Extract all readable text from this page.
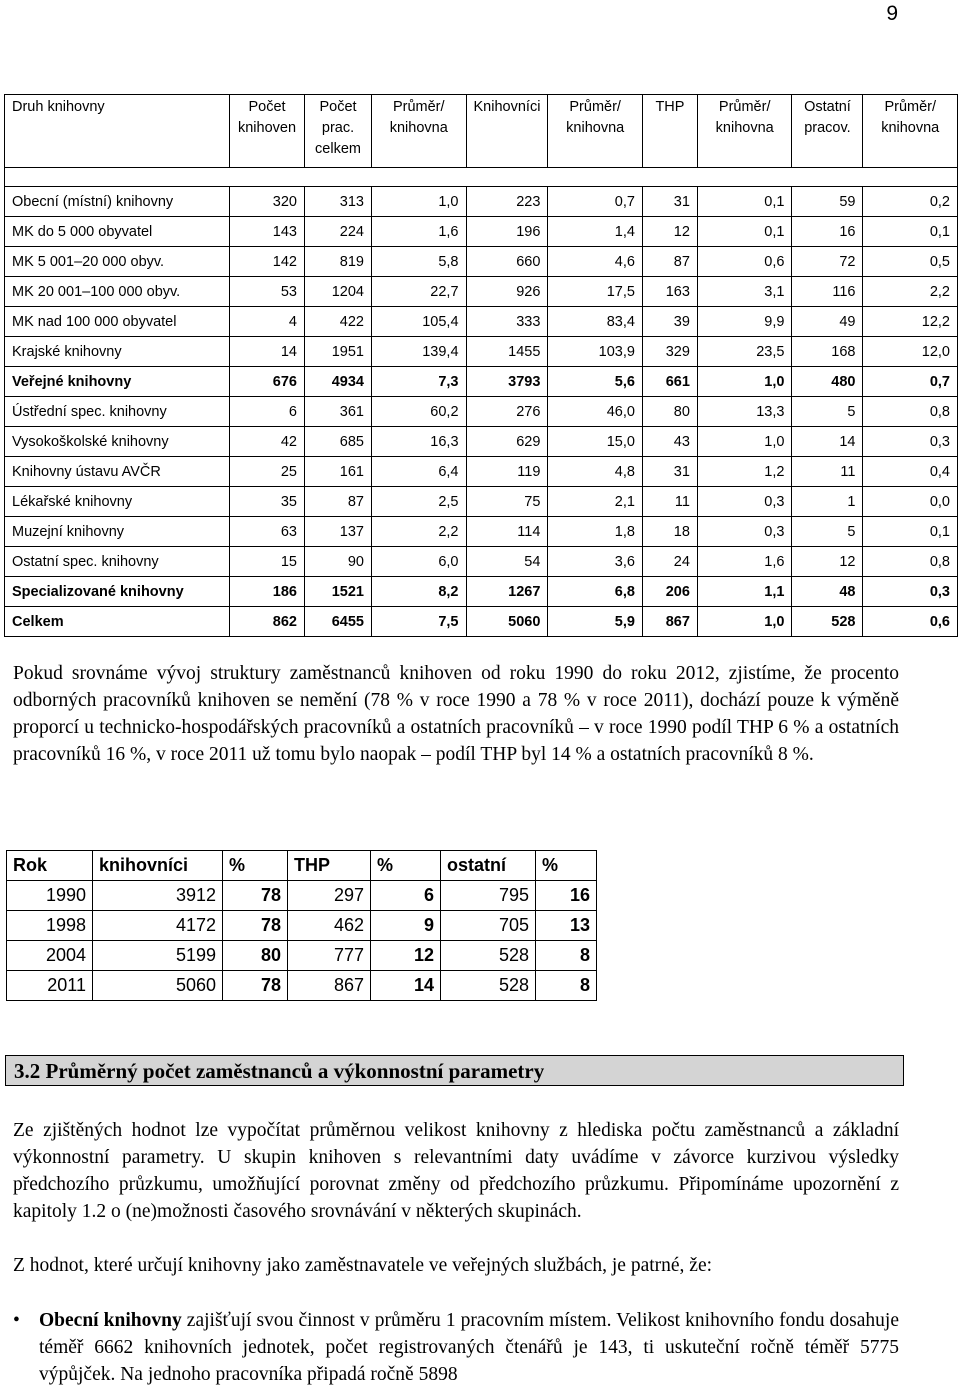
9
Druh knihovny	Počet knihoven	Počet prac. celkem	Průměr/ knihovna	Knihovníci	Průměr/ knihovna	THP	Průměr/ knihovna	Ostatní pracov.	Průměr/ knihovna

Obecní (místní) knihovny	320	313	1,0	223	0,7	31	0,1	59	0,2
MK do 5 000 obyvatel	143	224	1,6	196	1,4	12	0,1	16	0,1
MK 5 001–20 000 obyv.	142	819	5,8	660	4,6	87	0,6	72	0,5
MK 20 001–100 000 obyv.	53	1204	22,7	926	17,5	163	3,1	116	2,2
MK nad 100 000 obyvatel	4	422	105,4	333	83,4	39	9,9	49	12,2
Krajské knihovny	14	1951	139,4	1455	103,9	329	23,5	168	12,0
Veřejné knihovny	676	4934	7,3	3793	5,6	661	1,0	480	0,7
Ústřední spec. knihovny	6	361	60,2	276	46,0	80	13,3	5	0,8
Vysokoškolské knihovny	42	685	16,3	629	15,0	43	1,0	14	0,3
Knihovny ústavu AVČR	25	161	6,4	119	4,8	31	1,2	11	0,4
Lékařské knihovny	35	87	2,5	75	2,1	11	0,3	1	0,0
Muzejní knihovny	63	137	2,2	114	1,8	18	0,3	5	0,1
Ostatní spec. knihovny	15	90	6,0	54	3,6	24	1,6	12	0,8
Specializované knihovny	186	1521	8,2	1267	6,8	206	1,1	48	0,3
Celkem	862	6455	7,5	5060	5,9	867	1,0	528	0,6

Pokud srovnáme vývoj struktury zaměstnanců knihoven od roku 1990 do roku 2012, zjistíme, že procento odborných pracovníků knihoven se nemění (78 % v roce 1990 a 78 % v roce 2011), dochází pouze k výměně proporcí u technicko-hospodářských pracovníků a ostatních pracovníků – v roce 1990 podíl THP 6 % a ostatních pracovníků 16 %, v roce 2011 už tomu bylo naopak – podíl THP byl 14 % a ostatních pracovníků 8 %.

Rok	knihovníci	%	THP	%	ostatní	%
1990	3912	78	297	6	795	16
1998	4172	78	462	9	705	13
2004	5199	80	777	12	528	8
2011	5060	78	867	14	528	8
3.2 Průměrný počet zaměstnanců a výkonnostní parametry

Ze zjištěných hodnot lze vypočítat průměrnou velikost knihovny z hlediska počtu zaměstnanců a základní výkonnostní parametry. U skupin knihoven s relevantními daty uvádíme v závorce kurzivou výsledky předchozího průzkumu, umožňující porovnat změny od předchozího průzkumu. Připomínáme upozornění z kapitoly 1.2 o (ne)možnosti časového srovnávání v některých skupinách.

Z hodnot, které určují knihovny jako zaměstnavatele ve veřejných službách, je patrné, že:

• Obecní knihovny zajišťují svou činnost v průměru 1 pracovním místem. Velikost knihovního fondu dosahuje téměř 6662 knihovních jednotek, počet registrovaných čtenářů je 143, ti uskuteční ročně téměř 5775 výpůjček. Na jednoho pracovníka připadá ročně 5898
